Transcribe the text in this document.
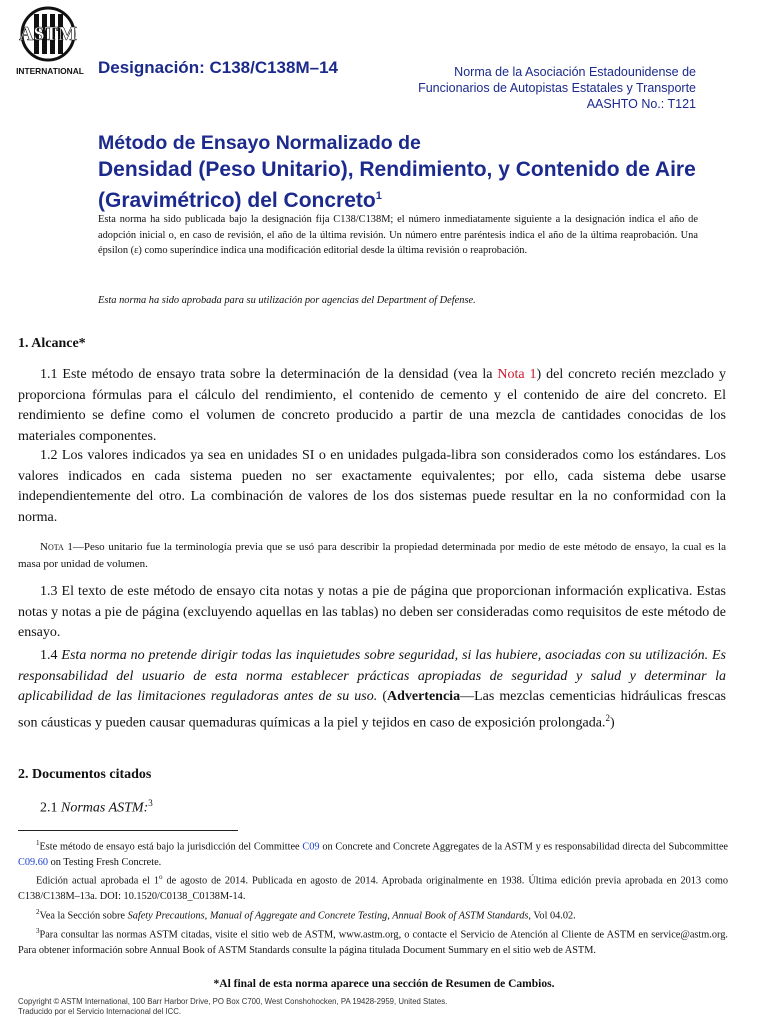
ASTM
INTERNATIONAL Designación: C138/C138M–14	Norma de la Asociación Estadounidense de
Funcionarios de Autopistas Estatales y Transporte
AASHTO No.: T121
Método de Ensayo Normalizado de
Densidad (Peso Unitario), Rendimiento, y Contenido de Aire (Gravimétrico) del Concreto$^1$
Esta norma ha sido publicada bajo la designación fija C138/C138M; el número inmediatamente siguiente a la designación indica el año de adopción inicial o, en caso de revisión, el año de la última revisión. Un número entre paréntesis indica el año de la última reaprobación. Una épsilon (ε) como superíndice indica una modificación editorial desde la última revisión o reaprobación.
Esta norma ha sido aprobada para su utilización por agencias del Department of Defense.
1. Alcance*
1.1 Este método de ensayo trata sobre la determinación de la densidad (vea la Nota 1) del concreto recién mezclado y proporciona fórmulas para el cálculo del rendimiento, el contenido de cemento y el contenido de aire del concreto. El rendimiento se define como el volumen de concreto producido a partir de una mezcla de cantidades conocidas de los materiales componentes.
1.2 Los valores indicados ya sea en unidades SI o en unidades pulgada-libra son considerados como los estándares. Los valores indicados en cada sistema pueden no ser exactamente equivalentes; por ello, cada sistema debe usarse independientemente del otro. La combinación de valores de los dos sistemas puede resultar en la no conformidad con la norma.
Nota 1—Peso unitario fue la terminología previa que se usó para describir la propiedad determinada por medio de este método de ensayo, la cual es la masa por unidad de volumen.
1.3 El texto de este método de ensayo cita notas y notas a pie de página que proporcionan información explicativa. Estas notas y notas a pie de página (excluyendo aquellas en las tablas) no deben ser consideradas como requisitos de este método de ensayo.
1.4 Esta norma no pretende dirigir todas las inquietudes sobre seguridad, si las hubiere, asociadas con su utilización. Es responsabilidad del usuario de esta norma establecer prácticas apropiadas de seguridad y salud y determinar la aplicabilidad de las limitaciones reguladoras antes de su uso. (Advertencia—Las mezclas cementicias hidráulicas frescas son cáusticas y pueden causar quemaduras químicas a la piel y tejidos en caso de exposición prolongada.$^2$)
2. Documentos citados
2.1 Normas ASTM:$^3$

$^1$Este método de ensayo está bajo la jurisdicción del Committee C09 on Concrete and Concrete Aggregates de la ASTM y es responsabilidad directa del Subcommittee C09.60 on Testing Fresh Concrete.

Edición actual aprobada el 1$^o$ de agosto de 2014. Publicada en agosto de 2014. Aprobada originalmente en 1938. Última edición previa aprobada en 2013 como C138/C138M–13a. DOI: 10.1520/C0138_C0138M-14.

$^2$Vea la Sección sobre Safety Precautions, Manual of Aggregate and Concrete Testing, Annual Book of ASTM Standards, Vol 04.02.

$^3$Para consultar las normas ASTM citadas, visite el sitio web de ASTM, www.astm.org, o contacte el Servicio de Atención al Cliente de ASTM en service@astm.org. Para obtener información sobre Annual Book of ASTM Standards consulte la página titulada Document Summary en el sitio web de ASTM.

*Al final de esta norma aparece una sección de Resumen de Cambios.
Copyright © ASTM International, 100 Barr Harbor Drive, PO Box C700, West Conshohocken, PA 19428-2959, United States.
Traducido por el Servicio Internacional del ICC.
